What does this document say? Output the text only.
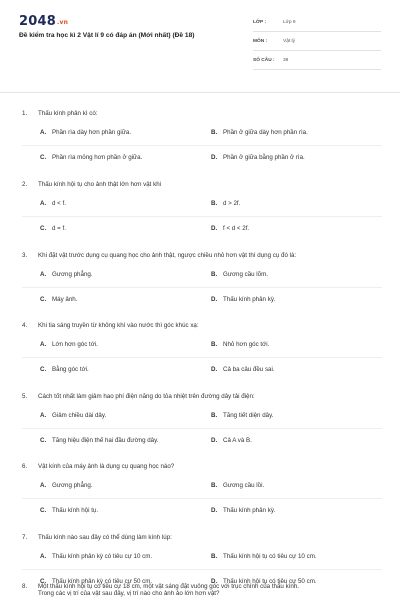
2048.vn
Đề kiểm tra học kì 2 Vật lí 9 có đáp án (Mới nhất) (Đề 18)
LỚP :	Lớp 9
MÔN :	Vật lý
SỐ CÂU :	38
1. Thấu kính phân kì có:
A. Phần rìa dày hơn phần giữa.	B. Phần ở giữa dày hơn phần rìa.
C. Phần rìa mỏng hơn phần ở giữa.	D. Phần ở giữa bằng phần ở rìa.
2. Thấu kính hội tụ cho ảnh thật lớn hơn vật khi
A. d < f.	B. d > 2f.
C. d = f.	D. f < d < 2f.
3. Khi đặt vật trước dụng cụ quang học cho ảnh thật, ngược chiều nhỏ hơn vật thì dụng cụ đó là:
A. Gương phẳng.	B. Gương cầu lõm.
C. Máy ảnh.	D. Thấu kính phân kỳ.
4. Khi tia sáng truyền từ không khí vào nước thì góc khúc xạ:
A. Lớn hơn góc tới.	B. Nhỏ hơn góc tới.
C. Bằng góc tới.	D. Cả ba câu đều sai.
5. Cách tốt nhất làm giảm hao phí điện năng do tỏa nhiệt trên đường dây tải điện:
A. Giảm chiều dài dây.	B. Tăng tiết diện dây.
C. Tăng hiệu điện thế hai đầu đường dây.	D. Cả A và B.
6. Vật kính của máy ảnh là dụng cụ quang học nào?
A. Gương phẳng.	B. Gương cầu lồi.
C. Thấu kính hội tụ.	D. Thấu kính phân kỳ.
7. Thấu kính nào sau đây có thể dùng làm kính lúp:
A. Thấu kính phân kỳ có tiêu cự 10 cm.	B. Thấu kính hội tụ có tiêu cự 10 cm.
C. Thấu kính phân kỳ có tiêu cự 50 cm.	D. Thấu kính hội tụ có tiêu cự 50 cm.
8. Một thấu kính hội tụ có tiêu cự 18 cm, một vật sáng đặt vuông góc với trục chính của thấu kính.
Trong các vị trí của vật sau đây, vị trí nào cho ảnh ảo lớn hơn vật?
